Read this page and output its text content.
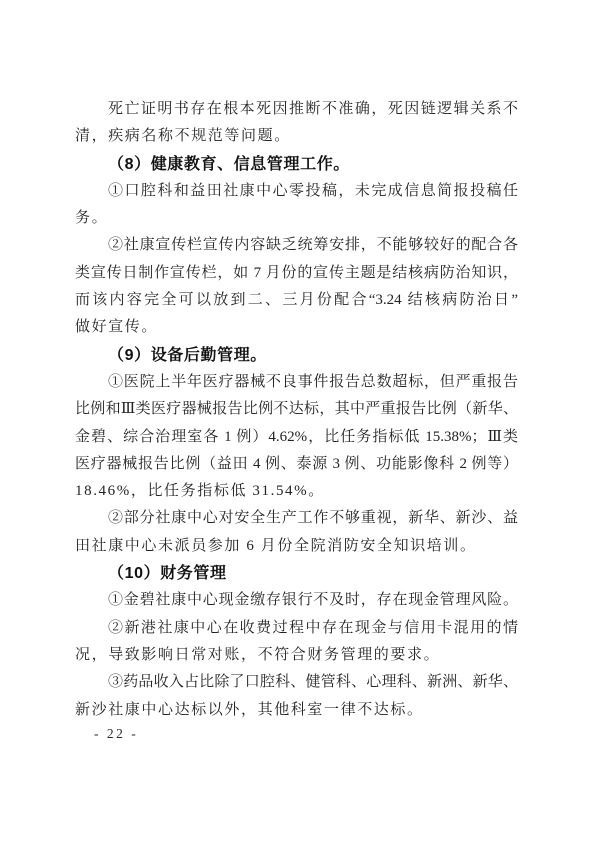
死亡证明书存在根本死因推断不准确，死因链逻辑关系不
清，疾病名称不规范等问题。
（8）健康教育、信息管理工作。
①口腔科和益田社康中心零投稿，未完成信息简报投稿任
务。
②社康宣传栏宣传内容缺乏统筹安排，不能够较好的配合各
类宣传日制作宣传栏，如 7 月份的宣传主题是结核病防治知识，
而该内容完全可以放到二、三月份配合“3.24 结核病防治日”
做好宣传。
（9）设备后勤管理。
①医院上半年医疗器械不良事件报告总数超标，但严重报告
比例和Ⅲ类医疗器械报告比例不达标，其中严重报告比例（新华、
金碧、综合治理室各 1 例）4.62%，比任务指标低 15.38%；Ⅲ类
医疗器械报告比例（益田 4 例、泰源 3 例、功能影像科 2 例等）
18.46%，比任务指标低 31.54%。
②部分社康中心对安全生产工作不够重视，新华、新沙、益
田社康中心未派员参加 6 月份全院消防安全知识培训。
（10）财务管理
①金碧社康中心现金缴存银行不及时，存在现金管理风险。
②新港社康中心在收费过程中存在现金与信用卡混用的情
况，导致影响日常对账，不符合财务管理的要求。
③药品收入占比除了口腔科、健管科、心理科、新洲、新华、
新沙社康中心达标以外，其他科室一律不达标。
- 22 -
